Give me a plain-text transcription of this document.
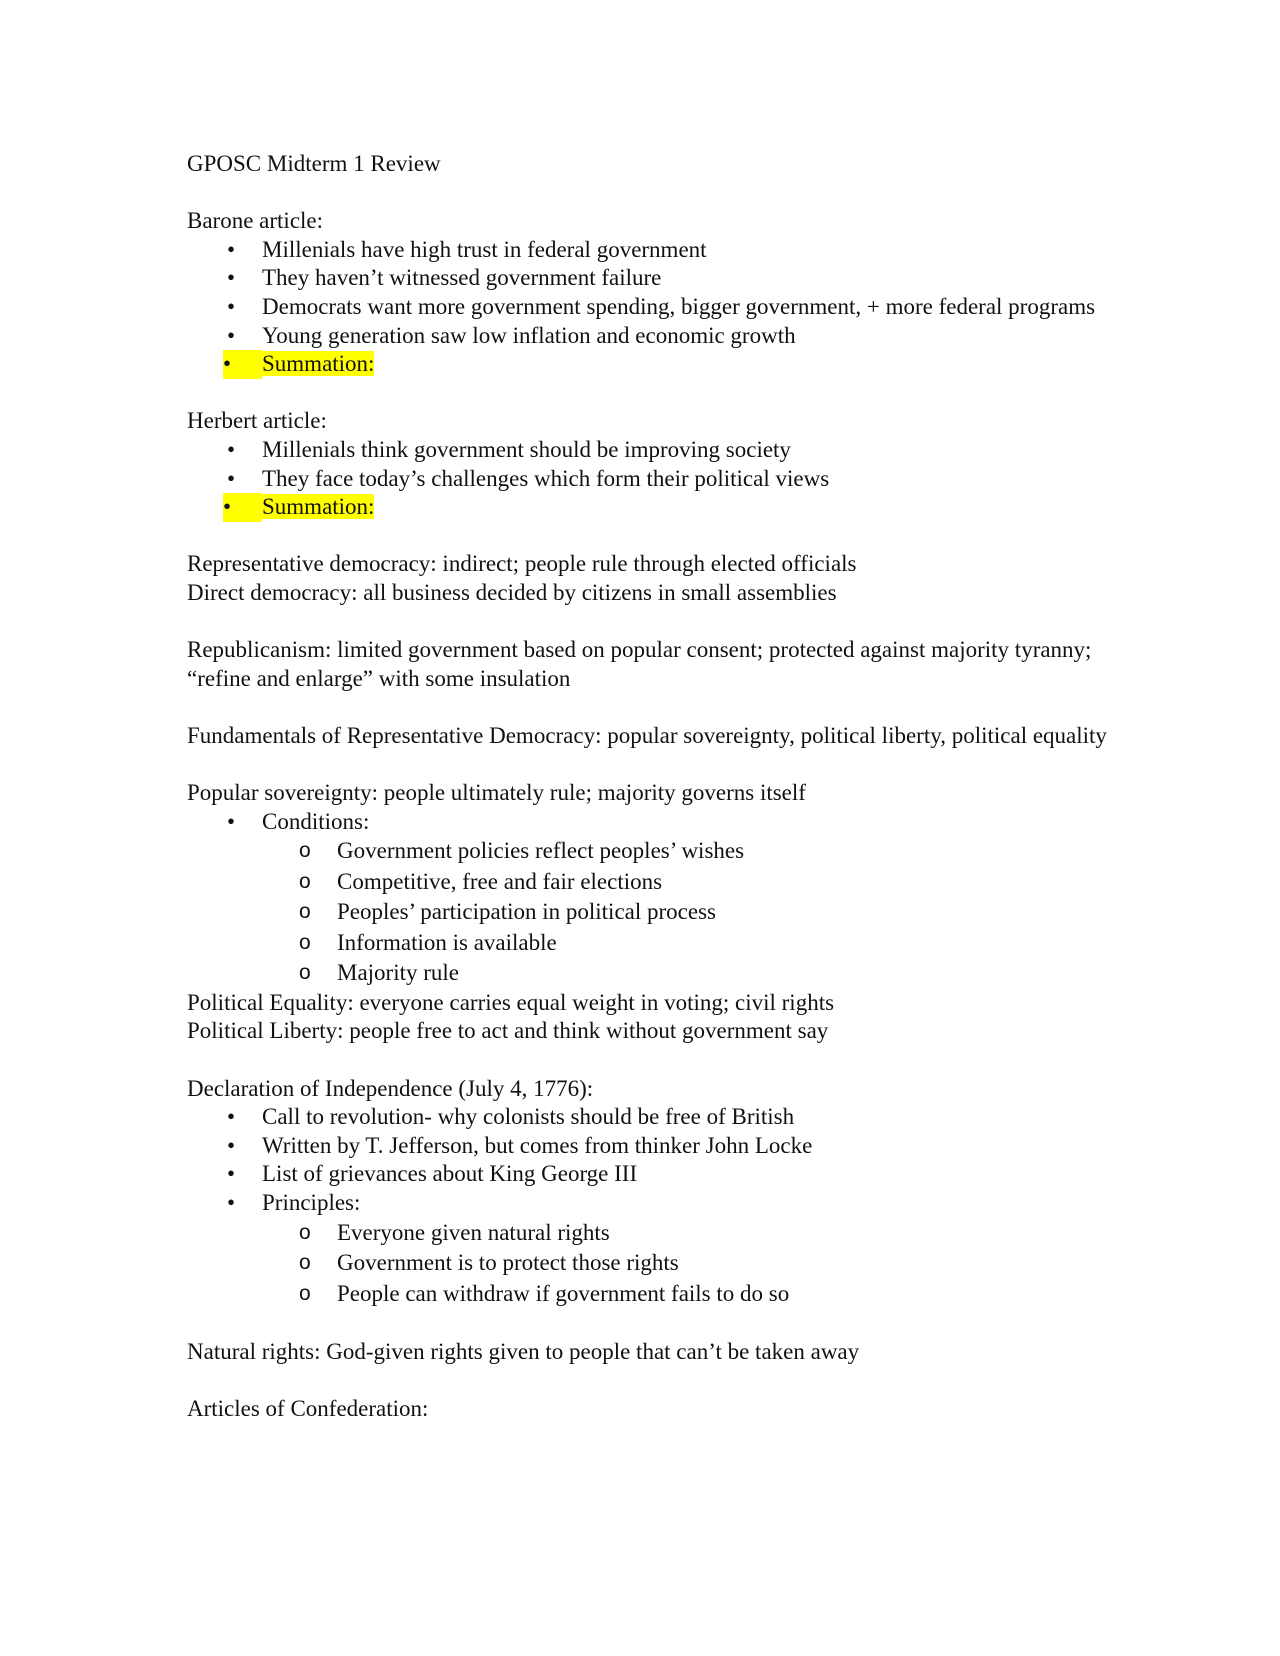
GPOSC Midterm 1 Review

Barone article:

• Millenials have high trust in federal government
• They haven’t witnessed government failure
• Democrats want more government spending, bigger government, + more federal programs
• Young generation saw low inflation and economic growth
•	Summation:

Herbert article:

• Millenials think government should be improving society
• They face today’s challenges which form their political views
•	Summation:

Representative democracy: indirect; people rule through elected officials

Direct democracy: all business decided by citizens in small assemblies

Republicanism: limited government based on popular consent; protected against majority tyranny; “refine and enlarge” with some insulation

Fundamentals of Representative Democracy: popular sovereignty, political liberty, political equality

Popular sovereignty: people ultimately rule; majority governs itself

• Conditions:
o Government policies reflect peoples’ wishes
o Competitive, free and fair elections
o Peoples’ participation in political process
o Information is available
o Majority rule

Political Equality: everyone carries equal weight in voting; civil rights

Political Liberty: people free to act and think without government say

Declaration of Independence (July 4, 1776):

• Call to revolution- why colonists should be free of British
• Written by T. Jefferson, but comes from thinker John Locke
• List of grievances about King George III
• Principles:
o Everyone given natural rights
o Government is to protect those rights
o People can withdraw if government fails to do so

Natural rights: God-given rights given to people that can’t be taken away

Articles of Confederation:
